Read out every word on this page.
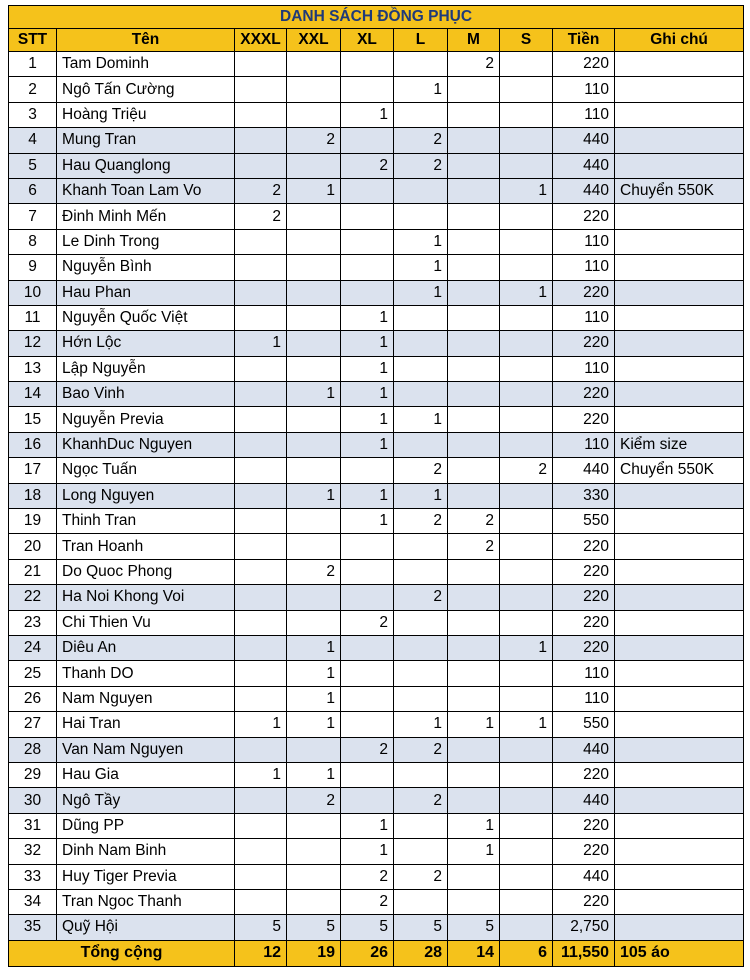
DANH SÁCH ĐỒNG PHỤC									
STT	Tên	XXXL	XXL	XL	L	M	S	Tiền	Ghi chú
1	Tam Dominh					2		220	
2	Ngô Tấn Cường				1			110	
3	Hoàng Triệu			1				110	
4	Mung Tran		2		2			440	
5	Hau Quanglong			2	2			440	
6	Khanh Toan Lam Vo	2	1				1	440	Chuyển 550K
7	Đinh Minh Mến	2						220	
8	Le Dinh Trong				1			110	
9	Nguyễn Bình				1			110	
10	Hau Phan				1		1	220	
11	Nguyễn Quốc Việt			1				110	
12	Hớn Lộc	1		1				220	
13	Lập Nguyễn			1				110	
14	Bao Vinh		1	1				220	
15	Nguyễn Previa			1	1			220	
16	KhanhDuc Nguyen			1				110	Kiểm size
17	Ngọc Tuấn				2		2	440	Chuyển 550K
18	Long Nguyen		1	1	1			330	
19	Thinh Tran			1	2	2		550	
20	Tran Hoanh					2		220	
21	Do Quoc Phong		2					220	
22	Ha Noi Khong Voi				2			220	
23	Chi Thien Vu			2				220	
24	Diêu An		1				1	220	
25	Thanh DO		1					110	
26	Nam Nguyen		1					110	
27	Hai Tran	1	1		1	1	1	550	
28	Van Nam Nguyen			2	2			440	
29	Hau Gia	1	1					220	
30	Ngô Tầy		2		2			440	
31	Dũng PP			1		1		220	
32	Dinh Nam Binh			1		1		220	
33	Huy Tiger Previa			2	2			440	
34	Tran Ngoc Thanh			2				220	
35	Quỹ Hội	5	5	5	5	5		2,750	
Tổng cộng		12	19	26	28	14	6	11,550	105 áo
